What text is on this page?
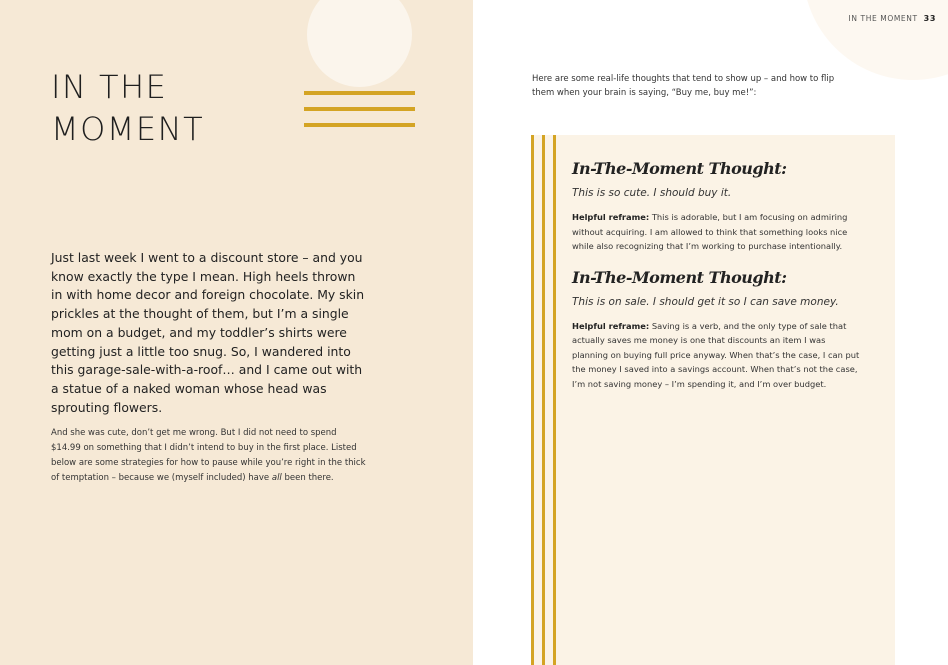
IN THE
MOMENT

Just last week I went to a discount store – and you know exactly the type I mean. High heels thrown in with home decor and foreign chocolate. My skin prickles at the thought of them, but I’m a single mom on a budget, and my toddler’s shirts were getting just a little too snug. So, I wandered into this garage-sale-with-a-roof… and I came out with a statue of a naked woman whose head was sprouting flowers.

And she was cute, don’t get me wrong. But I did not need to spend $14.99 on something that I didn’t intend to buy in the first place. Listed below are some strategies for how to pause while you’re right in the thick of temptation – because we (myself included) have all been there.

IN THE MOMENT 33

Here are some real-life thoughts that tend to show up – and how to flip them when your brain is saying, “Buy me, buy me!”:

In-The-Moment Thought:

This is so cute. I should buy it.

Helpful reframe: This is adorable, but I am focusing on admiring without acquiring. I am allowed to think that something looks nice while also recognizing that I’m working to purchase intentionally.

In-The-Moment Thought:

This is on sale. I should get it so I can save money.

Helpful reframe: Saving is a verb, and the only type of sale that actually saves me money is one that discounts an item I was planning on buying full price anyway. When that’s the case, I can put the money I saved into a savings account. When that’s not the case, I’m not saving money – I’m spending it, and I’m over budget.
